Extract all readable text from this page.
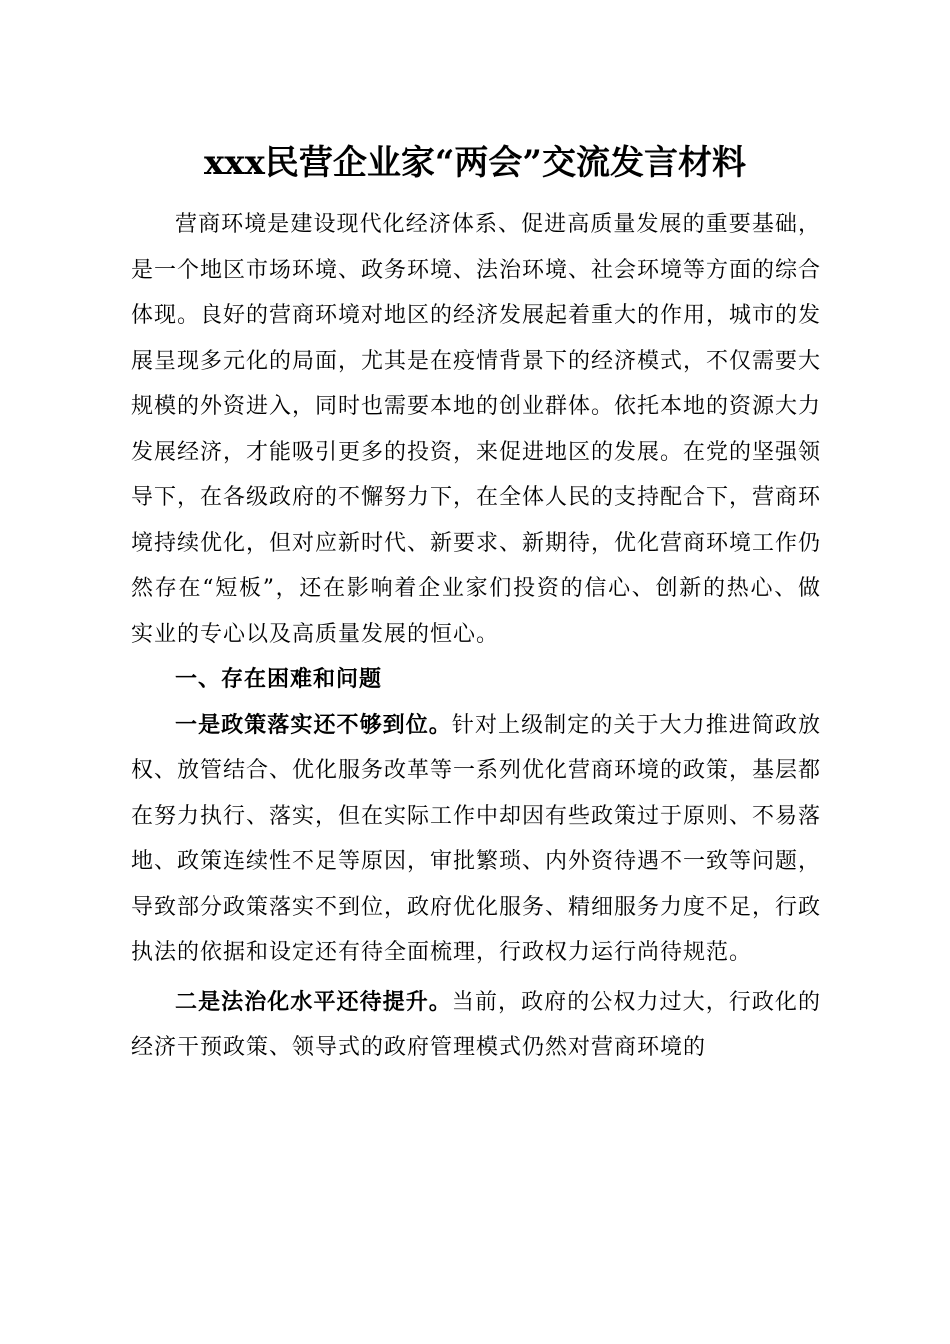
xxx民营企业家“两会”交流发言材料

营商环境是建设现代化经济体系、促进高质量发展的重要基础，是一个地区市场环境、政务环境、法治环境、社会环境等方面的综合体现。良好的营商环境对地区的经济发展起着重大的作用，城市的发展呈现多元化的局面，尤其是在疫情背景下的经济模式，不仅需要大规模的外资进入，同时也需要本地的创业群体。依托本地的资源大力发展经济，才能吸引更多的投资，来促进地区的发展。在党的坚强领导下，在各级政府的不懈努力下，在全体人民的支持配合下，营商环境持续优化，但对应新时代、新要求、新期待，优化营商环境工作仍然存在“短板”，还在影响着企业家们投资的信心、创新的热心、做实业的专心以及高质量发展的恒心。

一、存在困难和问题

一是政策落实还不够到位。针对上级制定的关于大力推进简政放权、放管结合、优化服务改革等一系列优化营商环境的政策，基层都在努力执行、落实，但在实际工作中却因有些政策过于原则、不易落地、政策连续性不足等原因，审批繁琐、内外资待遇不一致等问题，导致部分政策落实不到位，政府优化服务、精细服务力度不足，行政执法的依据和设定还有待全面梳理，行政权力运行尚待规范。

二是法治化水平还待提升。当前，政府的公权力过大，行政化的经济干预政策、领导式的政府管理模式仍然对营商环境的
